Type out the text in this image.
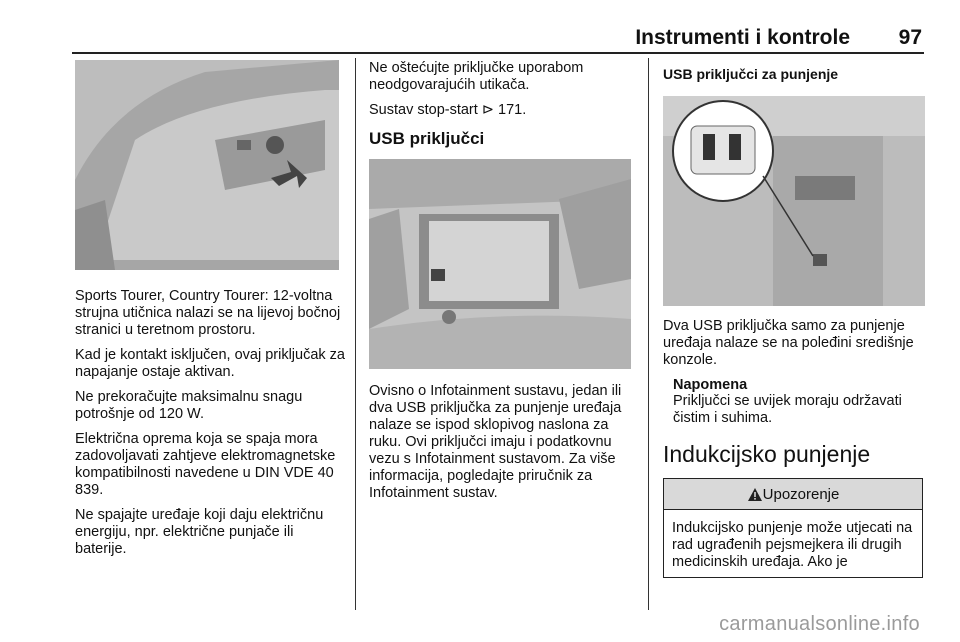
Instrumenti i kontrole 97

Sports Tourer, Country Tourer: 12-voltna strujna utičnica nalazi se na lijevoj bočnoj stranici u teretnom prostoru.

Kad je kontakt isključen, ovaj priključak za napajanje ostaje aktivan.

Ne prekoračujte maksimalnu snagu potrošnje od 120 W.

Električna oprema koja se spaja mora zadovoljavati zahtjeve elektromagnetske kompatibilnosti navedene u DIN VDE 40 839.

Ne spajajte uređaje koji daju električnu energiju, npr. električne punjače ili baterije.

Ne oštećujte priključke uporabom neodgovarajućih utikača.

Sustav stop-start ⊳ 171.

USB priključci

Ovisno o Infotainment sustavu, jedan ili dva USB priključka za punjenje uređaja nalaze se ispod sklopivog naslona za ruku. Ovi priključci imaju i podatkovnu vezu s Infotainment sustavom. Za više informacija, pogledajte priručnik za Infotainment sustav.

USB priključci za punjenje

Dva USB priključka samo za punjenje uređaja nalaze se na poleđini središnje konzole.

Napomena

Priključci se uvijek moraju održavati čistim i suhima.

Indukcijsko punjenje
Upozorenje
Indukcijsko punjenje može utjecati na rad ugrađenih pejsmejkera ili drugih medicinskih uređaja. Ako je
carmanualsonline.info
